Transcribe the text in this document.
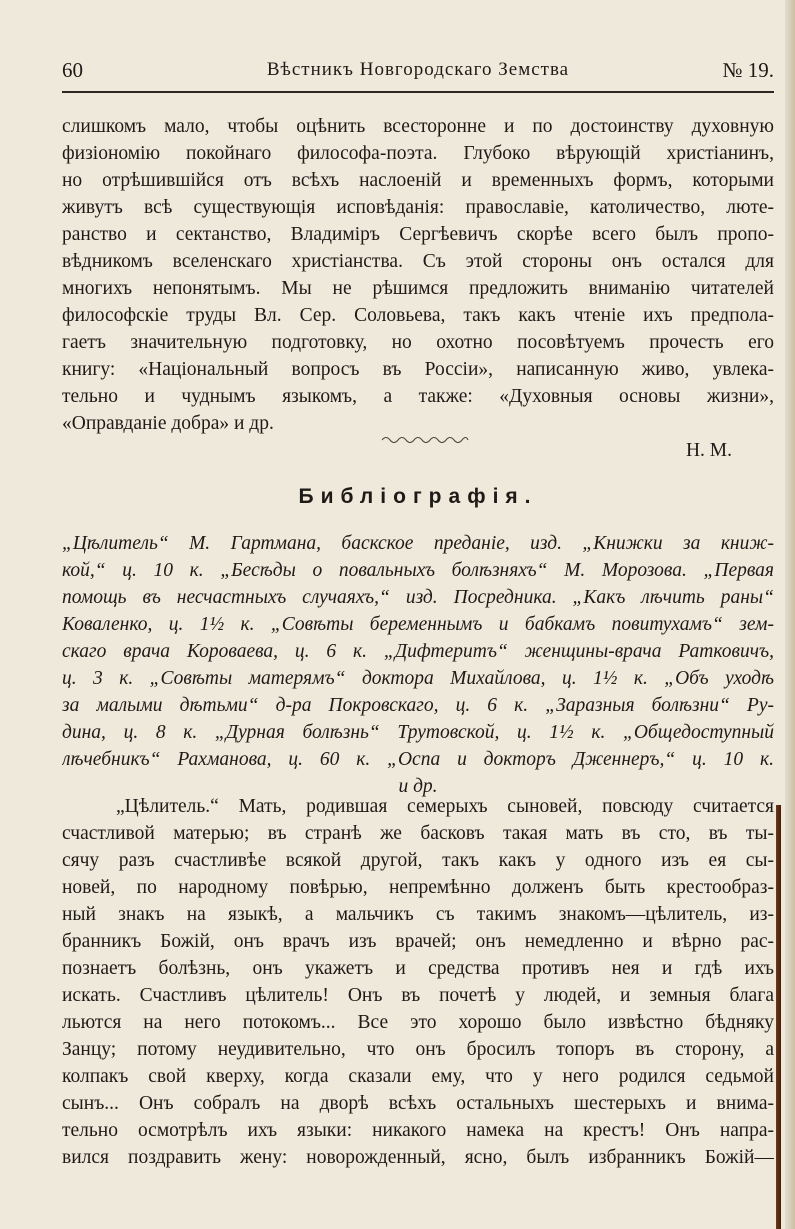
60	Вѣстникъ Новгородскаго Земства	№ 19.
слишкомъ мало, чтобы оцѣнить всесторонне и по достоинству духовную
физіономію покойнаго философа-поэта. Глубоко вѣрующій христіанинъ,
но отрѣшившійся отъ всѣхъ наслоеній и временныхъ формъ, которыми
живутъ всѣ существующія исповѣданія: православіе, католичество, люте-
ранство и сектанство, Владиміръ Сергѣевичъ скорѣе всего былъ пропо-
вѣдникомъ вселенскаго христіанства. Съ этой стороны онъ остался для
многихъ непонятымъ. Мы не рѣшимся предложить вниманію читателей
философскіе труды Вл. Сер. Соловьева, такъ какъ чтеніе ихъ предпола-
гаетъ значительную подготовку, но охотно посовѣтуемъ прочесть его
книгу: «Національный вопросъ въ Россіи», написанную живо, увлека-
тельно и чуднымъ языкомъ, а также: «Духовныя основы жизни»,
«Оправданіе добра» и др.
Н. М.
Библіографія.
„Цѣлитель“ М. Гартмана, баскское преданіе, изд. „Книжки за книж-
кой,“ ц. 10 к. „Бесѣды о повальныхъ болѣзняхъ“ М. Морозова. „Первая
помощь въ несчастныхъ случаяхъ,“ изд. Посредника. „Какъ лѣчить раны“
Коваленко, ц. 1½ к. „Совѣты беременнымъ и бабкамъ повитухамъ“ зем-
скаго врача Короваева, ц. 6 к. „Дифтеритъ“ женщины-врача Ратковичъ,
ц. 3 к. „Совѣты матерямъ“ доктора Михайлова, ц. 1½ к. „Объ уходѣ
за малыми дѣтьми“ д-ра Покровскаго, ц. 6 к. „Заразныя болѣзни“ Ру-
дина, ц. 8 к. „Дурная болѣзнь“ Трутовской, ц. 1½ к. „Общедоступный
лѣчебникъ“ Рахманова, ц. 60 к. „Оспа и докторъ Дженнеръ,“ ц. 10 к.
и др.
„Цѣлитель.“ Мать, родившая семерыхъ сыновей, повсюду считается
счастливой матерью; въ странѣ же басковъ такая мать въ сто, въ ты-
сячу разъ счастливѣе всякой другой, такъ какъ у одного изъ ея сы-
новей, по народному повѣрью, непремѣнно долженъ быть крестообраз-
ный знакъ на языкѣ, а мальчикъ съ такимъ знакомъ—цѣлитель, из-
бранникъ Божій, онъ врачъ изъ врачей; онъ немедленно и вѣрно рас-
познаетъ болѣзнь, онъ укажетъ и средства противъ нея и гдѣ ихъ
искать. Счастливъ цѣлитель! Онъ въ почетѣ у людей, и земныя блага
льются на него потокомъ... Все это хорошо было извѣстно бѣдняку
Занцу; потому неудивительно, что онъ бросилъ топоръ въ сторону, а
колпакъ свой кверху, когда сказали ему, что у него родился седьмой
сынъ... Онъ собралъ на дворѣ всѣхъ остальныхъ шестерыхъ и внима-
тельно осмотрѣлъ ихъ языки: никакого намека на крестъ! Онъ напра-
вился поздравить жену: новорожденный, ясно, былъ избранникъ Божій—
